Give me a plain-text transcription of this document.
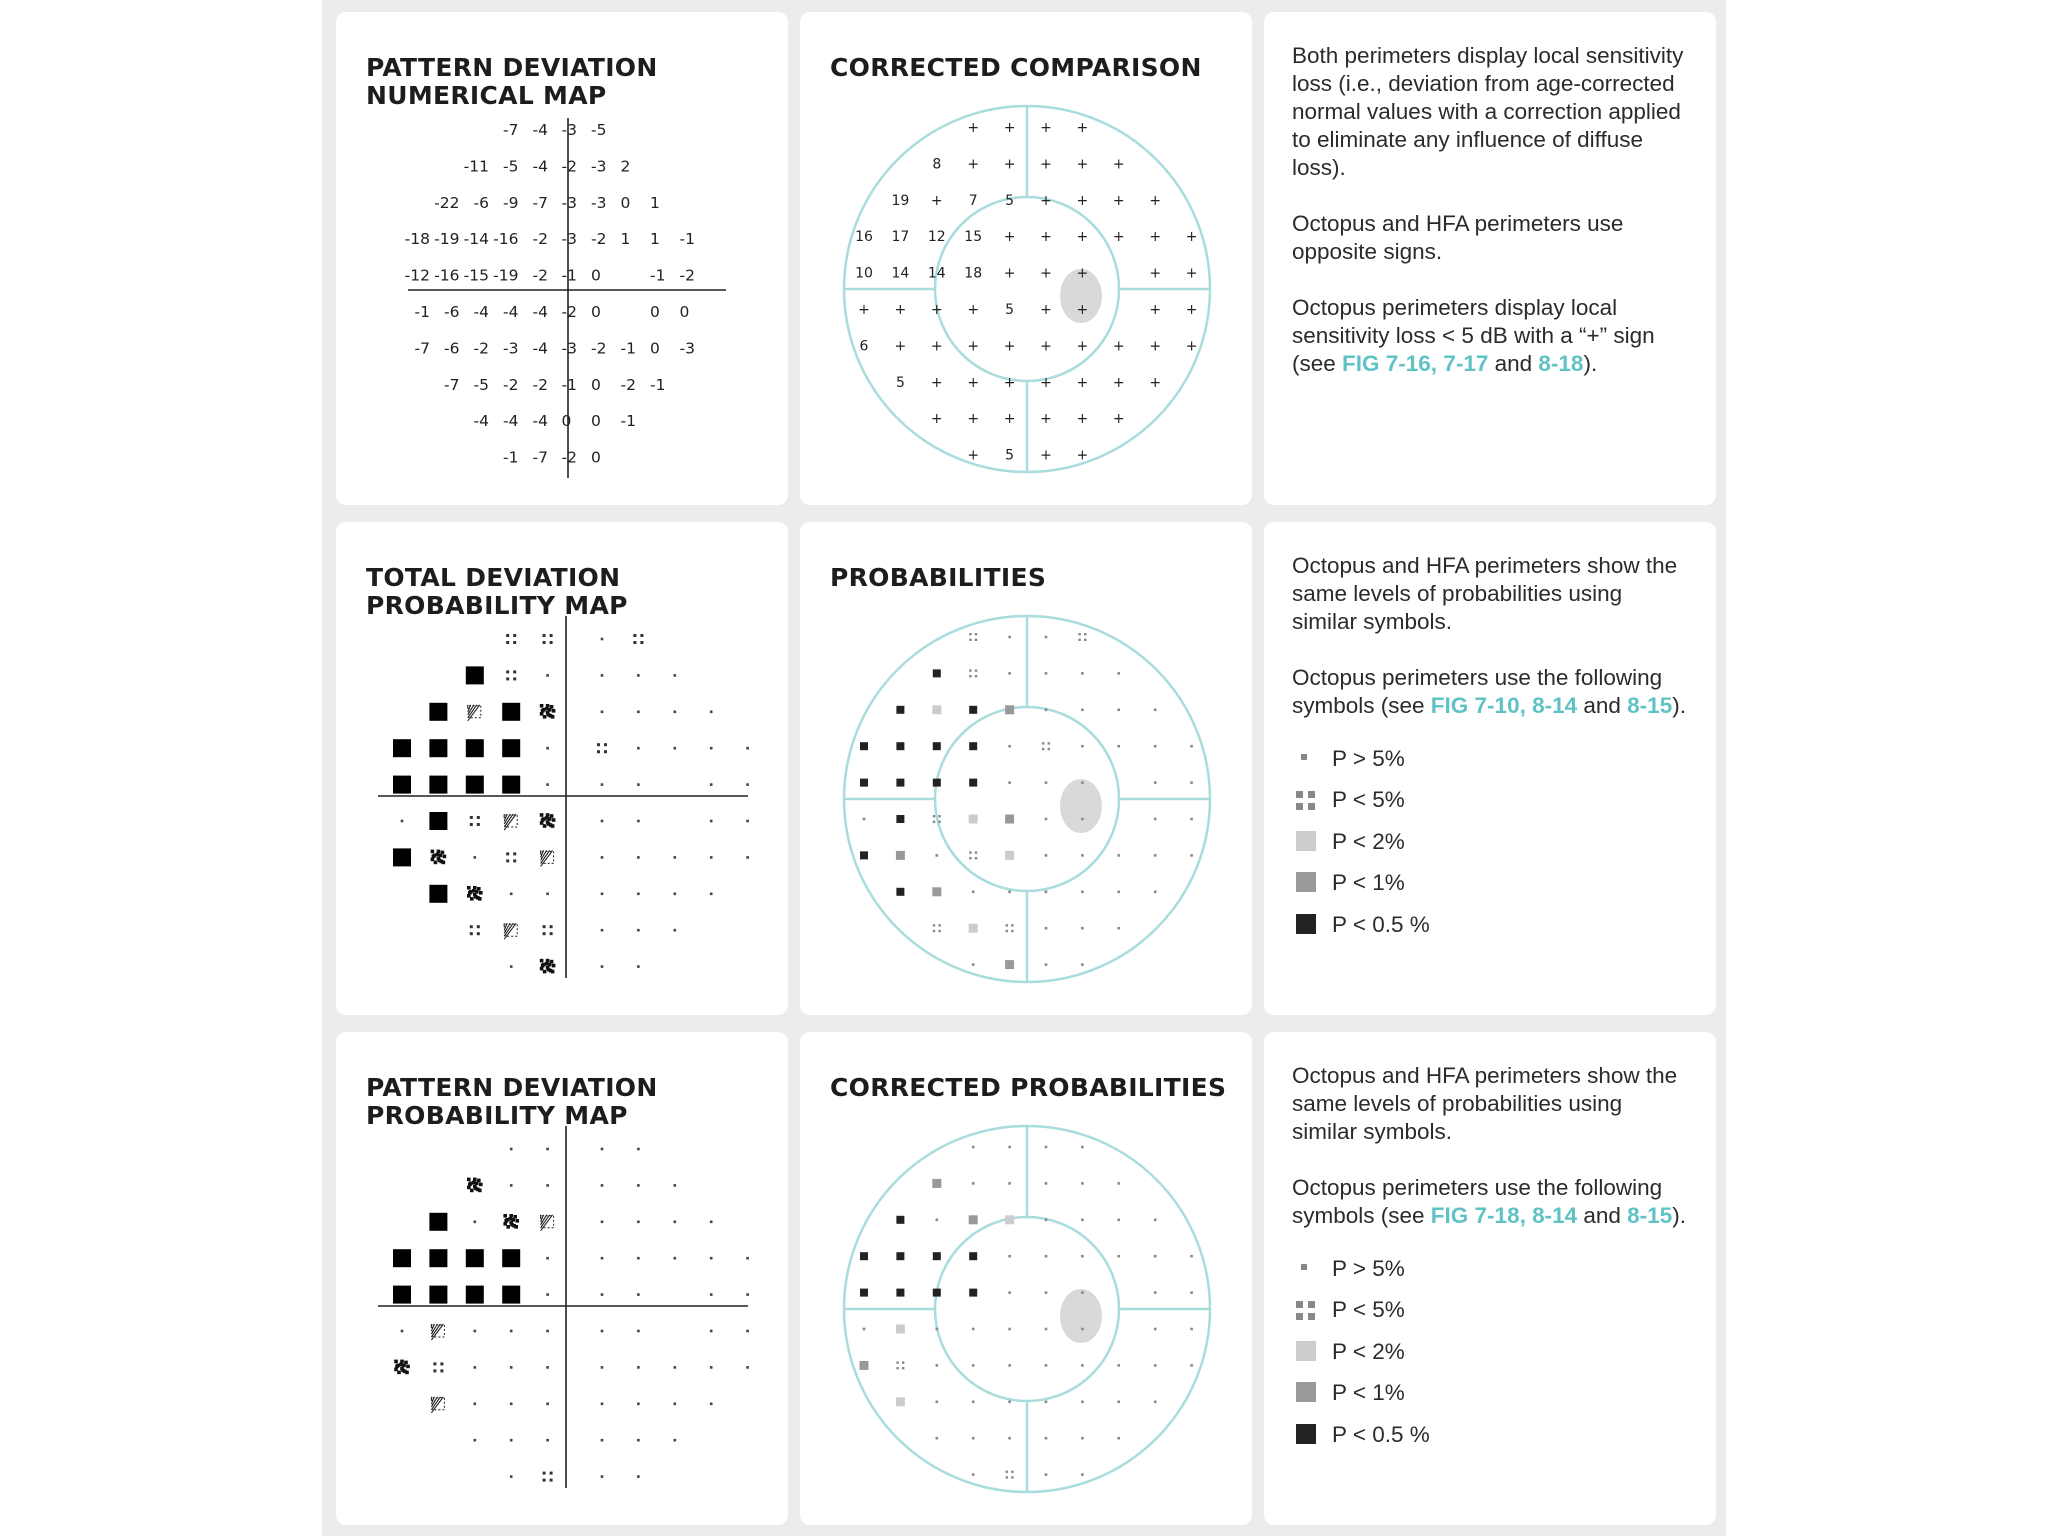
PATTERN DEVIATION
NUMERICAL MAP
-7 -4 -3 -5
-11 -5 -4 -2 -3 2
-22 -6 -9 -7 -3 -3 0 1
-18 -19 -14 -16 -2 -3 -2 1 1 -1
-12 -16 -15 -19 -2 -1 0	-1 -2
-1 -6 -4 -4 -4 -2 0	0 0
-7 -6 -2 -3 -4 -3 -2 -1 0 -3
-7 -5 -2 -2 -1 0 -2 -1
-4 -4 -4 0 0 -1
-1 -7 -2 0
CORRECTED COMPARISON
+ + + +
8 + + + + +
19 + 7 5 + + + +
16 17 12 15 + + + + + +
10 14 14 18 + + +	+ +
+ + + + 5 + +	+ +
6 + + + + + + + + +
5 + + + + + + +
+ + + + + +
+ 5 + +

Both perimeters display local sensitivity loss (i.e., deviation from age-corrected normal values with a correction applied to eliminate any influence of diffuse loss).

Octopus and HFA perimeters use opposite signs.

Octopus perimeters display local sensitivity loss < 5 dB with a “+” sign (see FIG 7-16, 7-17 and 8-18).

TOTAL DEVIATION
PROBABILITY MAP
PROBABILITIES	Octopus and HFA perimeters show the same levels of probabilities using similar symbols.

Octopus perimeters use the following symbols (see FIG 7-10, 8-14 and 8-15).

P > 5%
P < 5%
P < 2%
P < 1%
P < 0.5 %
PATTERN DEVIATION
PROBABILITY MAP
CORRECTED PROBABILITIES	Octopus and HFA perimeters show the same levels of probabilities using similar symbols.

Octopus perimeters use the following symbols (see FIG 7-18, 8-14 and 8-15).

P > 5%
P < 5%
P < 2%
P < 1%
P < 0.5 %
